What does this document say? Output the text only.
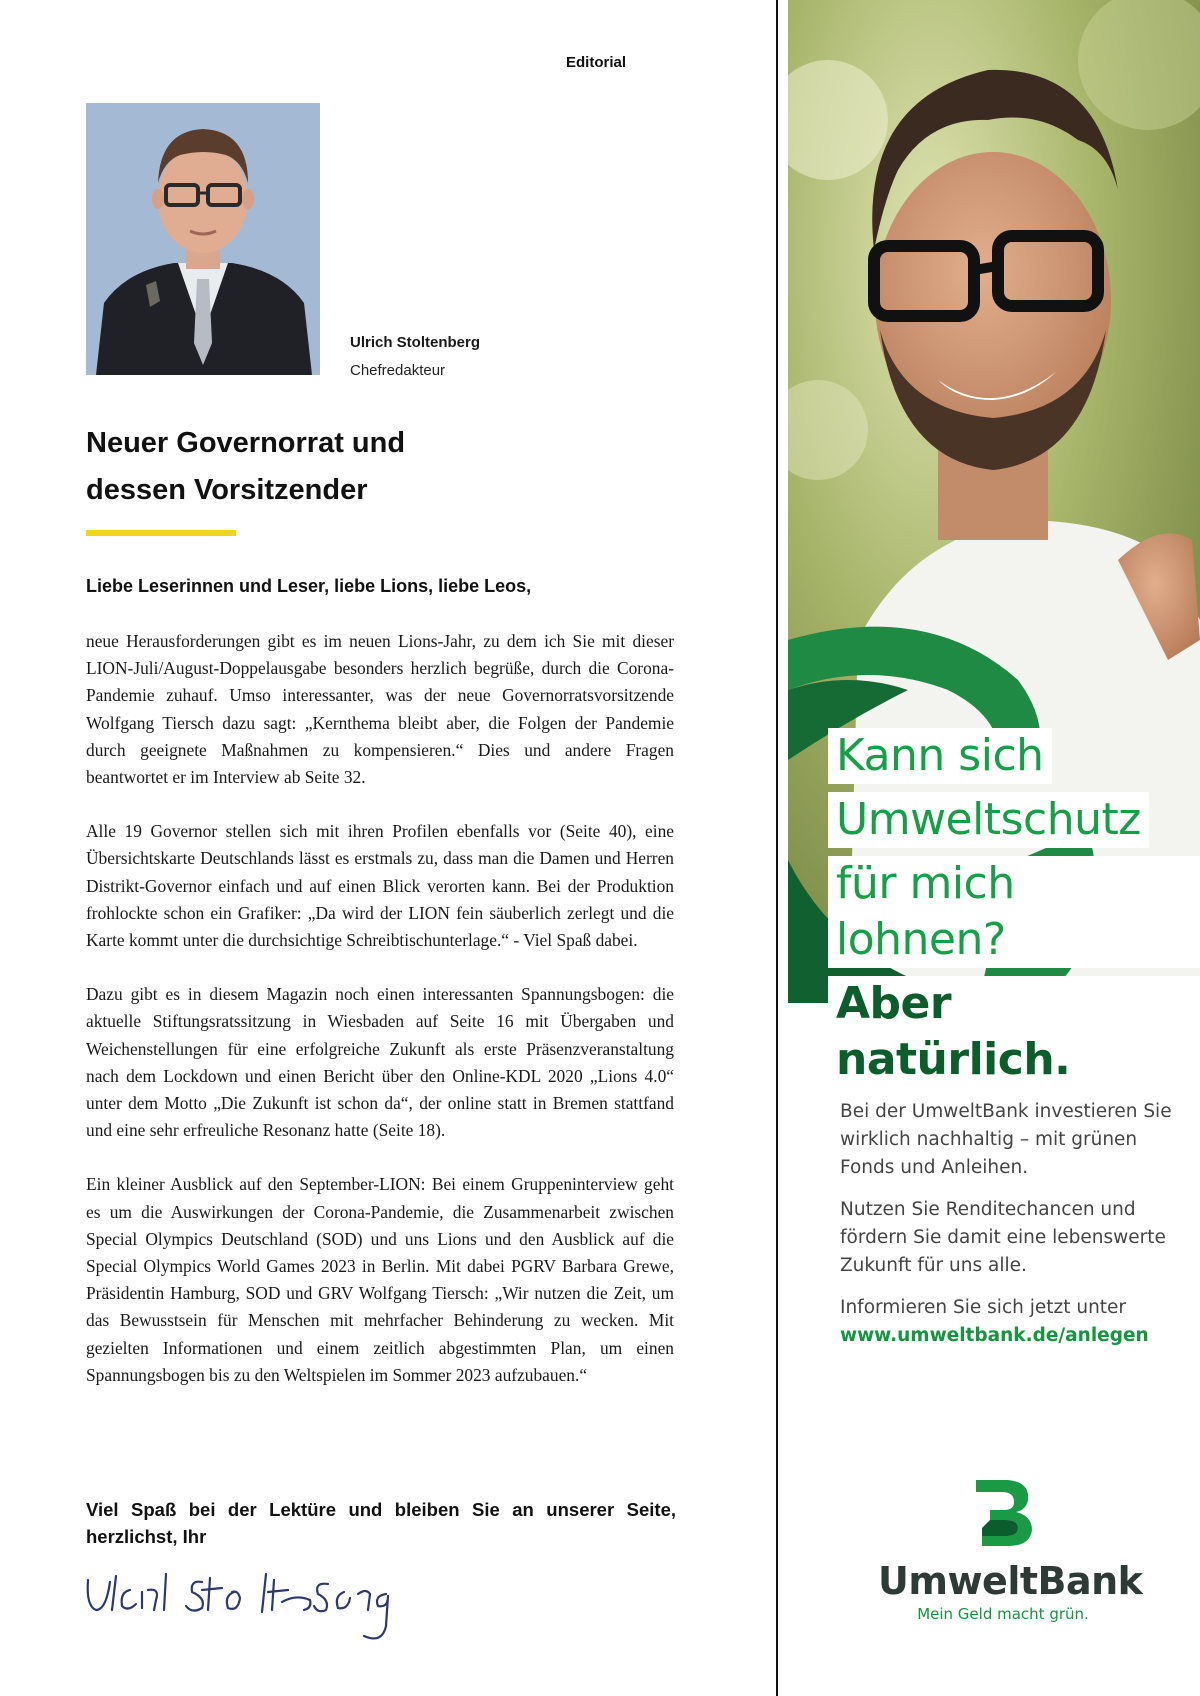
Editorial
Ulrich Stoltenberg
Chefredakteur
Neuer Governorrat und dessen Vorsitzender
Liebe Leserinnen und Leser, liebe Lions, liebe Leos,

neue Herausforderungen gibt es im neuen Lions-Jahr, zu dem ich Sie mit dieser LION-Juli/August-Doppelausgabe besonders herzlich begrüße, durch die Corona-Pandemie zuhauf. Umso interessanter, was der neue Governorratsvorsitzende Wolfgang Tiersch dazu sagt: „Kernthema bleibt aber, die Folgen der Pandemie durch geeignete Maßnahmen zu kompensieren.“ Dies und andere Fragen beantwortet er im Interview ab Seite 32.

Alle 19 Governor stellen sich mit ihren Profilen ebenfalls vor (Seite 40), eine Übersichtskarte Deutschlands lässt es erstmals zu, dass man die Damen und Herren Distrikt-Governor einfach und auf einen Blick verorten kann. Bei der Produktion frohlockte schon ein Grafiker: „Da wird der LION fein säuberlich zerlegt und die Karte kommt unter die durchsichtige Schreibtischunterlage.“ - Viel Spaß dabei.

Dazu gibt es in diesem Magazin noch einen interessanten Spannungsbogen: die aktuelle Stiftungsratssitzung in Wiesbaden auf Seite 16 mit Übergaben und Weichenstellungen für eine erfolgreiche Zukunft als erste Präsenzveranstaltung nach dem Lockdown und einen Bericht über den Online-KDL 2020 „Lions 4.0“ unter dem Motto „Die Zukunft ist schon da“, der online statt in Bremen stattfand und eine sehr erfreuliche Resonanz hatte (Seite 18).

Ein kleiner Ausblick auf den September-LION: Bei einem Gruppeninterview geht es um die Auswirkungen der Corona-Pandemie, die Zusammenarbeit zwischen Special Olympics Deutschland (SOD) und uns Lions und den Ausblick auf die Special Olympics World Games 2023 in Berlin. Mit dabei PGRV Barbara Grewe, Präsidentin Hamburg, SOD und GRV Wolfgang Tiersch: „Wir nutzen die Zeit, um das Bewusstsein für Menschen mit mehrfacher Behinderung zu wecken. Mit gezielten Informationen und einem zeitlich abgestimmten Plan, um einen Spannungsbogen bis zu den Weltspielen im Sommer 2023 aufzubauen.“

Viel Spaß bei der Lektüre und bleiben Sie an unserer Seite, herzlichst, Ihr

Kann sich
Umweltschutz
für mich lohnen?
Aber natürlich.

Bei der UmweltBank investieren Sie wirklich nachhaltig – mit grünen Fonds und Anleihen.

Nutzen Sie Renditechancen und fördern Sie damit eine lebenswerte Zukunft für uns alle.

Informieren Sie sich jetzt unter
www.umweltbank.de/anlegen

UmweltBank
Mein Geld macht grün.
